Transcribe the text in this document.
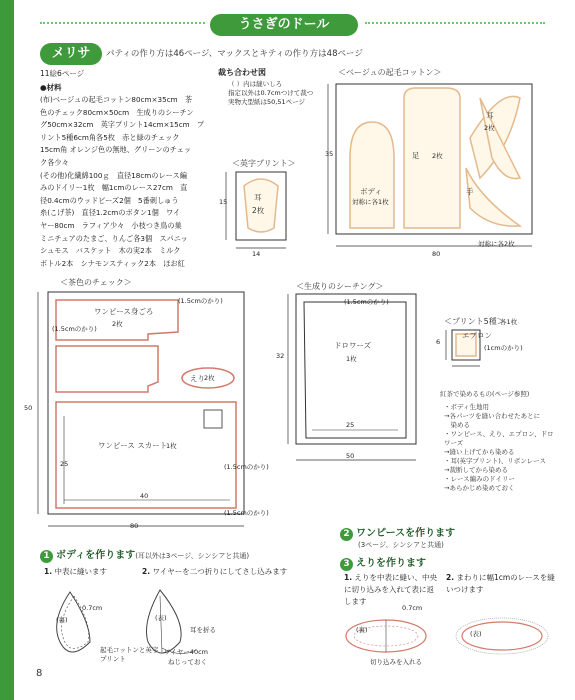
うさぎのドール
メリサ	パティの作り方は46ページ、マックスとキティの作り方は48ページ
11絵6ページ
●材料
(布)ベージュの起毛コットン80cm×35cm　茶
色のチェック80cm×50cm　生成りのシーチン
グ50cm×32cm　英字プリント14cm×15cm　プ
リント5種6cm角各5枚　赤と緑のチェック
15cm角 オレンジ色の無地、グリーンのチェッ
ク各少々
(その他)化繊綿100ｇ　直径18cmのレース編
みのドイリー1枚　幅1cmのレース27cm　直
径0.4cmのウッドビーズ2個　5番刺しゅう
糸(こげ茶)　直径1.2cmのボタン1個　ワイ
ヤー80cm　ラフィア少々　小枝つき鳥の巣
ミニチュアのたまご、りんご各3個　スパニッ
シュモス　バスケット　木の実2本　ミルク
ボトル2本　シナモンスティック2本　ほお紅
裁ち合わせ図
（ ）内は縫いしろ
指定以外は0.7cmつけて裁つ
実物大型紙は50,51ページ
＜英字プリント＞
耳
2枚
15
14
＜ベージュの起毛コットン＞
35
80
ボディ
対称に各1枚
足 2枚
耳
2枚
手
対称に各2枚
＜茶色のチェック＞
ワンピース身ごろ
2枚
えり 2枚
ワンピース スカート
1枚
(1.5cmのかり)
(1.5cmのかり)
(1.5cmのかり)
(1.5cmのかり)
50
80
25
40
＜生成りのシーチング＞
ドロワーズ
1枚
(1.5cmのかり)
32
50
25
＜プリント5種＞
各1枚
エプロン
(1cmのかり)
6
紅茶で染めるもの(ページ参照)
・ボディ生地用
→各パーツを縫い合わせたあとに
　染める
・ワンピース、えり、エプロン、ドロワーズ
→縫い上げてから染める
・耳(英字プリント)、リボンレース
→裁断してから染める
・レース編みのドイリー
→あらかじめ染めておく
1 ボディを作ります(耳以外は3ページ、シンシアと共通)
1. 中表に縫います	2. ワイヤーを二つ折りにしてさし込みます
(裏)	(表)
0.7cm
耳を折る
起毛コットンと英字プリント
ワイヤー40cm
ねじっておく
2 ワンピースを作ります
(3ページ、シンシアと共通)
3 えりを作ります
1. えりを中表に縫い、中央に切り込みを入れて表に返します
2. まわりに幅1cmのレースを縫いつけます
0.7cm
(裏)	(表)
切り込みを入れる
8
